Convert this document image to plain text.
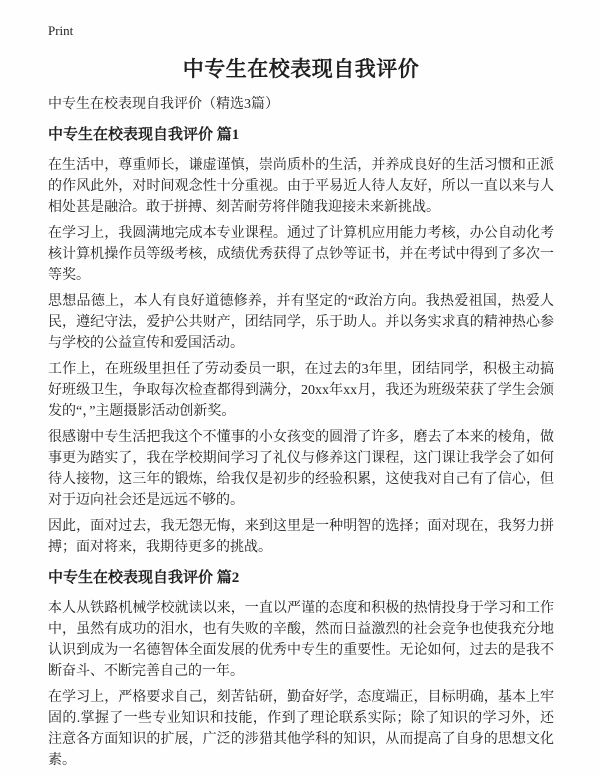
Print
中专生在校表现自我评价
中专生在校表现自我评价（精选3篇）
中专生在校表现自我评价 篇1

在生活中，尊重师长，谦虚谨慎，崇尚质朴的生活，并养成良好的生活习惯和正派的作风此外，对时间观念性十分重视。由于平易近人待人友好，所以一直以来与人相处甚是融洽。敢于拼搏、刻苦耐劳将伴随我迎接未来新挑战。

在学习上，我圆满地完成本专业课程。通过了计算机应用能力考核，办公自动化考核计算机操作员等级考核，成绩优秀获得了点钞等证书，并在考试中得到了多次一等奖。

思想品德上，本人有良好道德修养，并有坚定的“政治方向。我热爱祖国，热爱人民，遵纪守法，爱护公共财产，团结同学，乐于助人。并以务实求真的精神热心参与学校的公益宣传和爱国活动。

工作上，在班级里担任了劳动委员一职，在过去的3年里，团结同学，积极主动搞好班级卫生，争取每次检查都得到满分，20xx年xx月，我还为班级荣获了学生会颁发的“，”主题摄影活动创新奖。

很感谢中专生活把我这个不懂事的小女孩变的圆滑了许多，磨去了本来的棱角，做事更为踏实了，我在学校期间学习了礼仪与修养这门课程，这门课让我学会了如何待人接物，这三年的锻炼，给我仅是初步的经验积累，这使我对自己有了信心，但对于迈向社会还是远远不够的。

因此，面对过去，我无怨无悔，来到这里是一种明智的选择；面对现在，我努力拼搏；面对将来，我期待更多的挑战。

中专生在校表现自我评价 篇2

本人从铁路机械学校就读以来，一直以严谨的态度和积极的热情投身于学习和工作中，虽然有成功的泪水，也有失败的辛酸，然而日益激烈的社会竞争也使我充分地认识到成为一名德智体全面发展的优秀中专生的重要性。无论如何，过去的是我不断奋斗、不断完善自己的一年。

在学习上，严格要求自己，刻苦钻研，勤奋好学，态度端正，目标明确，基本上牢固的.掌握了一些专业知识和技能，作到了理论联系实际；除了知识的学习外，还注意各方面知识的扩展，广泛的涉猎其他学科的知识，从而提高了自身的思想文化素。
